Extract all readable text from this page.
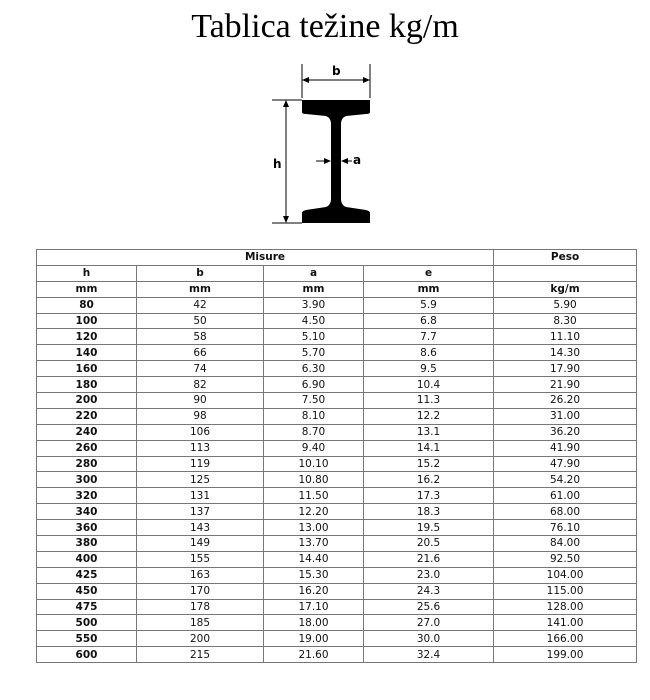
Tablica težine kg/m
b
h	a
Misure				Peso
h	b	a	e	
mm	mm	mm	mm	kg/m
80	42	3.90	5.9	5.90
100	50	4.50	6.8	8.30
120	58	5.10	7.7	11.10
140	66	5.70	8.6	14.30
160	74	6.30	9.5	17.90
180	82	6.90	10.4	21.90
200	90	7.50	11.3	26.20
220	98	8.10	12.2	31.00
240	106	8.70	13.1	36.20
260	113	9.40	14.1	41.90
280	119	10.10	15.2	47.90
300	125	10.80	16.2	54.20
320	131	11.50	17.3	61.00
340	137	12.20	18.3	68.00
360	143	13.00	19.5	76.10
380	149	13.70	20.5	84.00
400	155	14.40	21.6	92.50
425	163	15.30	23.0	104.00
450	170	16.20	24.3	115.00
475	178	17.10	25.6	128.00
500	185	18.00	27.0	141.00
550	200	19.00	30.0	166.00
600	215	21.60	32.4	199.00
